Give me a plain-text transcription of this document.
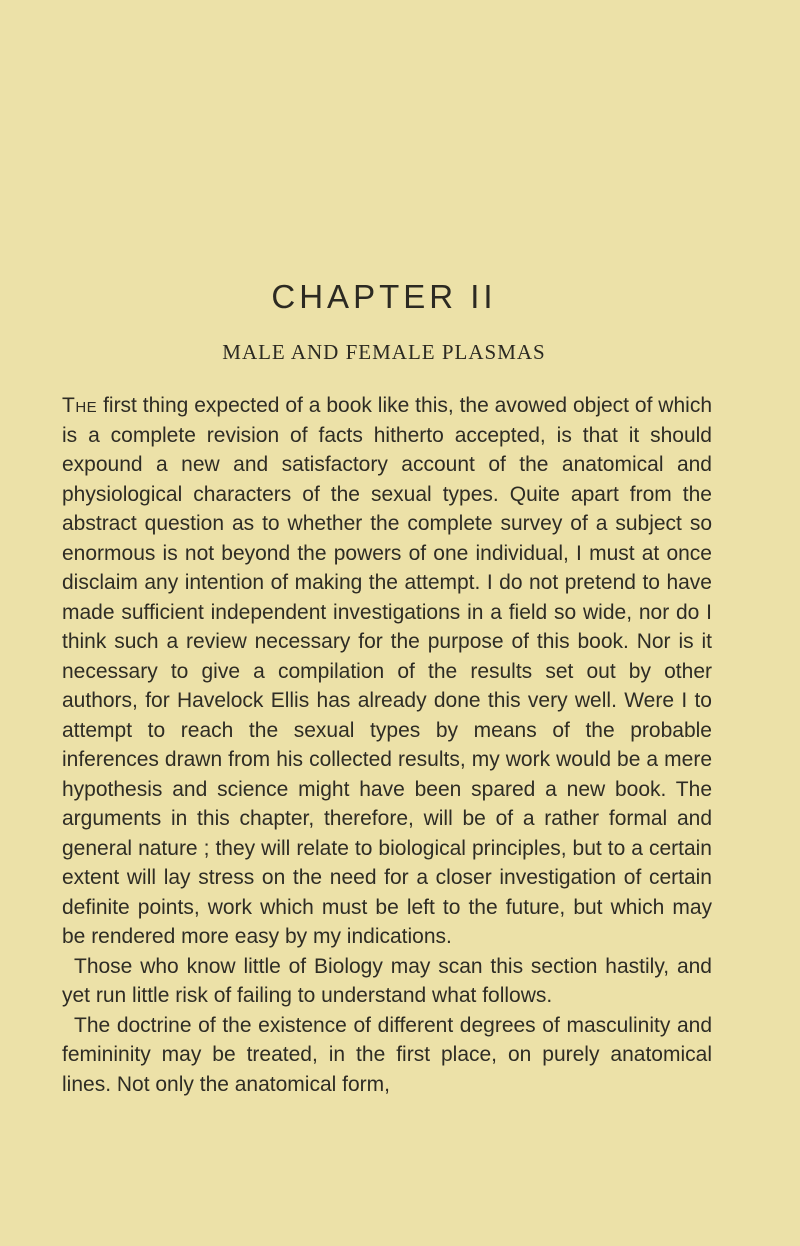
CHAPTER II
MALE AND FEMALE PLASMAS

The first thing expected of a book like this, the avowed object of which is a complete revision of facts hitherto accepted, is that it should expound a new and satisfactory account of the anatomical and physiological characters of the sexual types. Quite apart from the abstract question as to whether the complete survey of a subject so enormous is not beyond the powers of one individual, I must at once disclaim any intention of making the attempt. I do not pretend to have made sufficient independent investigations in a field so wide, nor do I think such a review necessary for the purpose of this book. Nor is it necessary to give a compilation of the results set out by other authors, for Havelock Ellis has already done this very well. Were I to attempt to reach the sexual types by means of the probable inferences drawn from his collected results, my work would be a mere hypothesis and science might have been spared a new book. The arguments in this chapter, therefore, will be of a rather formal and general nature ; they will relate to biological principles, but to a certain extent will lay stress on the need for a closer investigation of certain definite points, work which must be left to the future, but which may be rendered more easy by my indications.

Those who know little of Biology may scan this section hastily, and yet run little risk of failing to understand what follows.

The doctrine of the existence of different degrees of masculinity and femininity may be treated, in the first place, on purely anatomical lines. Not only the anatomical form,
